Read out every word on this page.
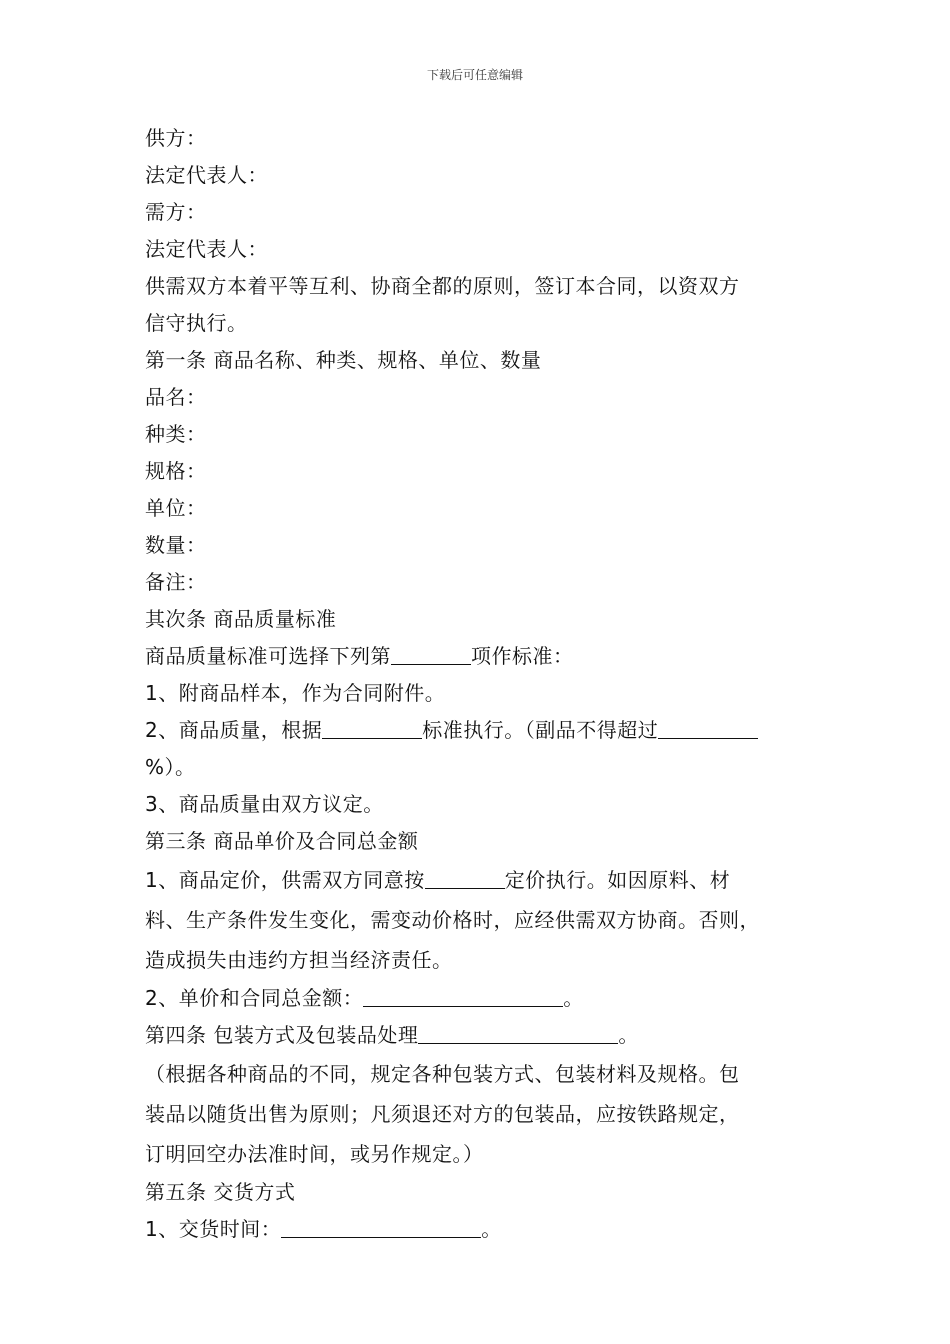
下载后可任意编辑
供方：
法定代表人：
需方：
法定代表人：
供需双方本着平等互利、协商全都的原则，签订本合同，以资双方
信守执行。
第一条 商品名称、种类、规格、单位、数量
品名：
种类：
规格：
单位：
数量：
备注：
其次条 商品质量标准
商品质量标准可选择下列第	项作标准：
1、附商品样本，作为合同附件。
2、商品质量，根据	标准执行。（副品不得超过
%）。
3、商品质量由双方议定。
第三条 商品单价及合同总金额
1、商品定价，供需双方同意按	定价执行。如因原料、材
料、生产条件发生变化，需变动价格时，应经供需双方协商。否则，
造成损失由违约方担当经济责任。
2、单价和合同总金额：	。
第四条 包装方式及包装品处理	。
（根据各种商品的不同，规定各种包装方式、包装材料及规格。包
装品以随货出售为原则；凡须退还对方的包装品，应按铁路规定，
订明回空办法准时间，或另作规定。）
第五条 交货方式
1、交货时间：	。
